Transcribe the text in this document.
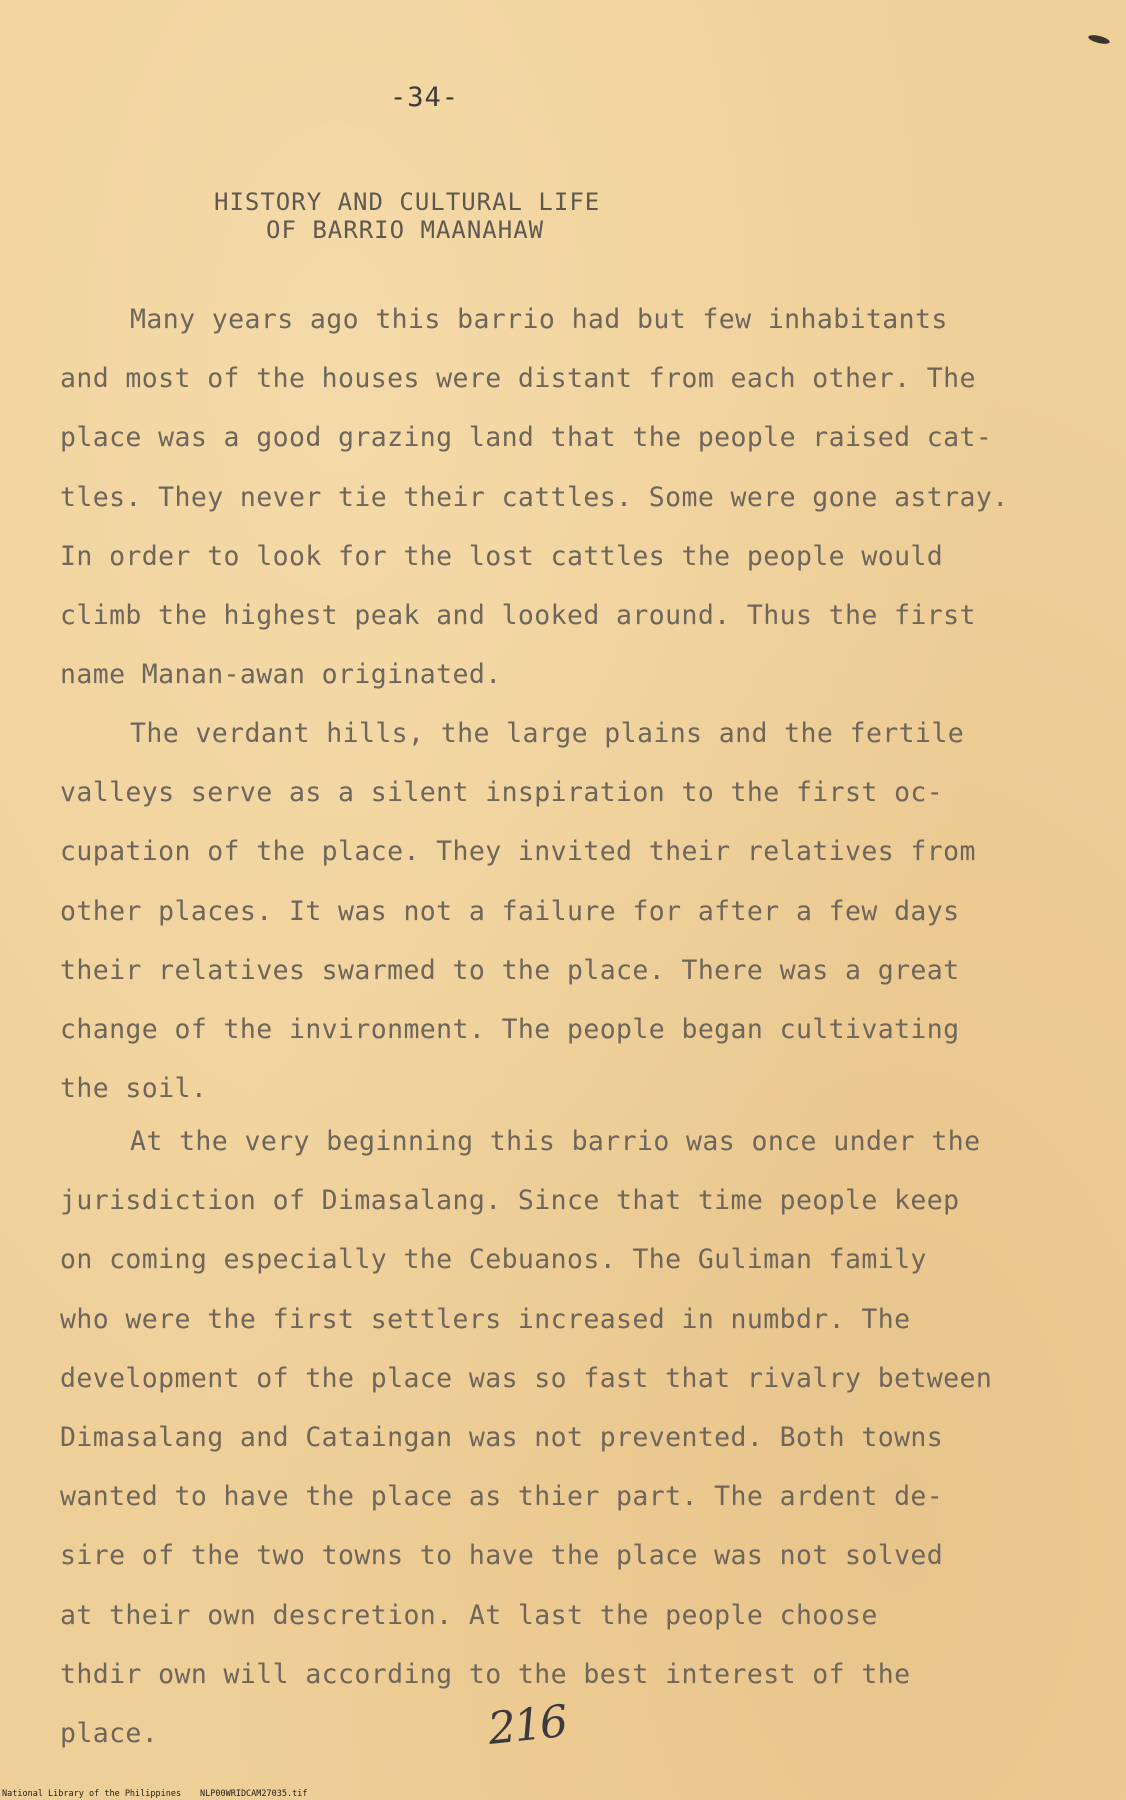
-34-
HISTORY AND CULTURAL LIFE
OF BARRIO MAANAHAW
Many years ago this barrio had but few inhabitants
and most of the houses were distant from each other. The
place was a good grazing land that the people raised cat-
tles. They never tie their cattles. Some were gone astray.
In order to look for the lost cattles the people would
climb the highest peak and looked around. Thus the first
name Manan-awan originated.
The verdant hills, the large plains and the fertile
valleys serve as a silent inspiration to the first oc-
cupation of the place. They invited their relatives from
other places. It was not a failure for after a few days
their relatives swarmed to the place. There was a great
change of the invironment. The people began cultivating
the soil.
At the very beginning this barrio was once under the
jurisdiction of Dimasalang. Since that time people keep
on coming especially the Cebuanos. The Guliman family
who were the first settlers increased in numbdr. The
development of the place was so fast that rivalry between
Dimasalang and Cataingan was not prevented. Both towns
wanted to have the place as thier part. The ardent de-
sire of the two towns to have the place was not solved
at their own descretion. At last the people choose
thdir own will according to the best interest of the
place.	216
National Library of the Philippines NLP00WRIDCAM27035.tif
